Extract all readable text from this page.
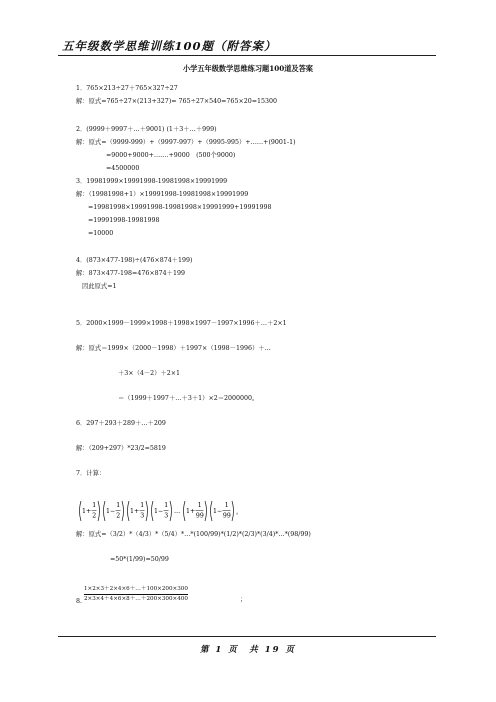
五年级数学思维训练100题（附答案）
小学五年级数学思维练习题100道及答案
1．765×213÷27＋765×327÷27
解：原式=765÷27×(213+327)= 765÷27×540=765×20=15300
2．(9999＋9997＋…＋9001) (1＋3＋…＋999)
解：原式=（9999-999）+（9997-997）+（9995-995）+……+(9001-1)
=9000+9000+…….+9000　(500个9000)
=4500000
3．19981999×19991998-19981998×19991999
解：（19981998+1）×19991998-19981998×19991999
=19981998×19991998-19981998×19991999+19991998
=19991998-19981998
=10000
4．(873×477-198)÷(476×874＋199)
解：873×477-198=476×874＋199
因此原式=1
5．2000×1999－1999×1998＋1998×1997－1997×1996＋…＋2×1
解：原式＝1999×（2000－1998）＋1997×（1998－1996）＋…
＋3×（4－2）＋2×1
＝（1999＋1997＋…＋3＋1）×2＝2000000。
6．297＋293＋289＋…＋209
解：（209+297）*23/2=5819
7．计算：
1 +
1
2
1 −
1
2
1 +
1
3
1 −
1
3
… 1 +
1
99
1 −
1
99 。
解：原式=（3/2）*（4/3）*（5/4）*…*(100/99)*(1/2)*(2/3)*(3/4)*…*(98/99)
=50*(1/99)=50/99
$\frac{1\times 2\times 3+2\times 4\times 6+\dots+100\times 200\times 300}{2\times 3\times 4+4\times 6\times 8+\dots+200\times 300\times 400}$
8.	；
第 1 页　共 19 页
